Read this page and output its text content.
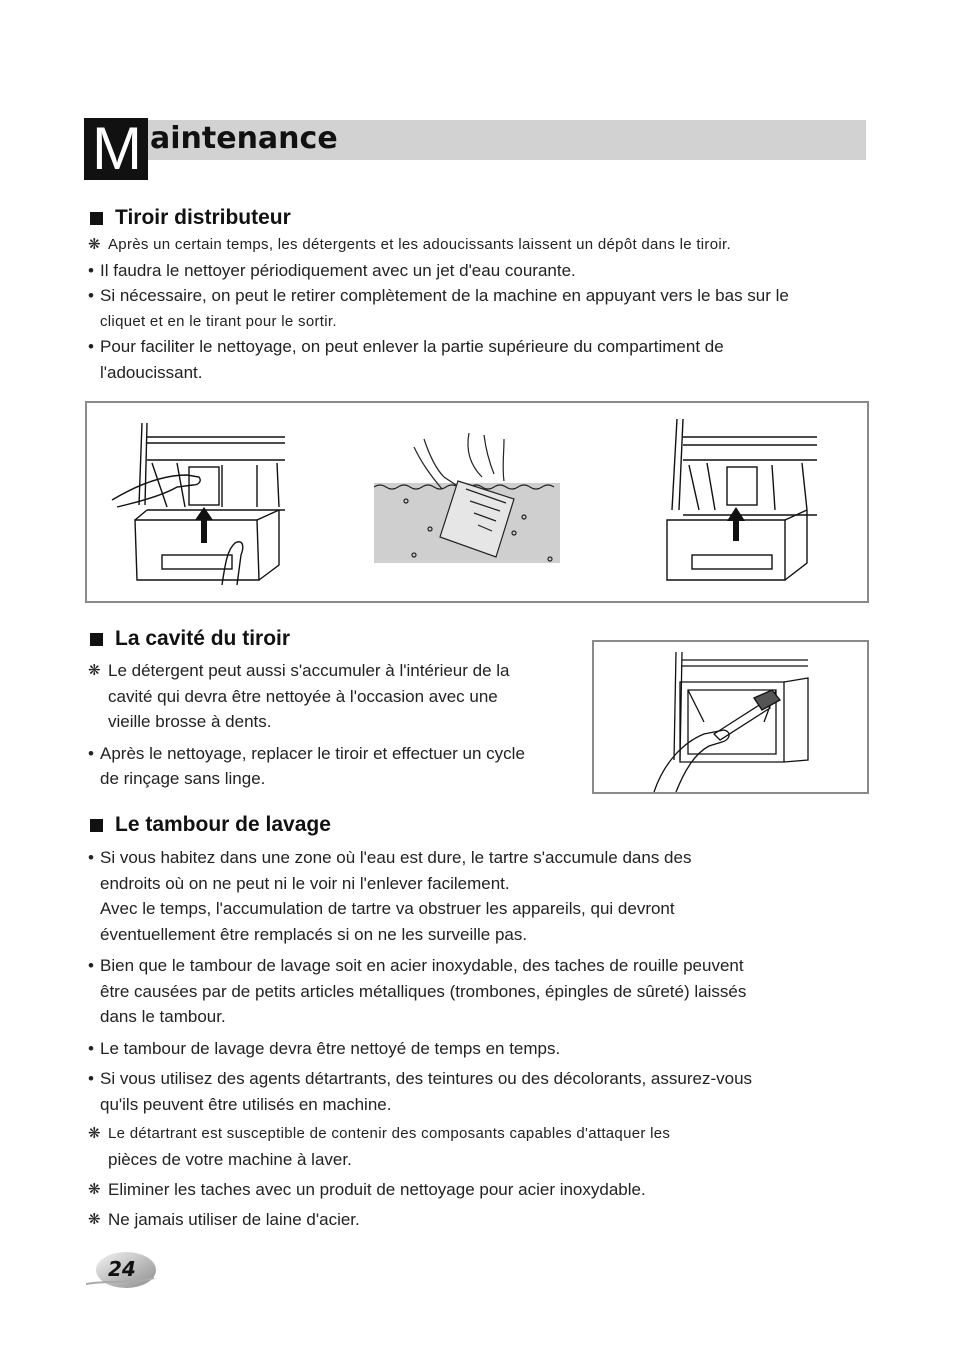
M aintenance
Tiroir distributeur
❋ Après un certain temps, les détergents et les adoucissants laissent un dépôt dans le tiroir.
• Il faudra le nettoyer périodiquement avec un jet d'eau courante.
• Si nécessaire, on peut le retirer complètement de la machine en appuyant vers le bas sur le
cliquet et en le tirant pour le sortir.
• Pour faciliter le nettoyage, on peut enlever la partie supérieure du compartiment de
l'adoucissant.
La cavité du tiroir
❋ Le détergent peut aussi s'accumuler à l'intérieur de la
cavité qui devra être nettoyée à l'occasion avec une
vieille brosse à dents.
• Après le nettoyage, replacer le tiroir et effectuer un cycle
de rinçage sans linge.
Le tambour de lavage
• Si vous habitez dans une zone où l'eau est dure, le tartre s'accumule dans des
endroits où on ne peut ni le voir ni l'enlever facilement.
Avec le temps, l'accumulation de tartre va obstruer les appareils, qui devront
éventuellement être remplacés si on ne les surveille pas.
• Bien que le tambour de lavage soit en acier inoxydable, des taches de rouille peuvent
être causées par de petits articles métalliques (trombones, épingles de sûreté) laissés
dans le tambour.
• Le tambour de lavage devra être nettoyé de temps en temps.
• Si vous utilisez des agents détartrants, des teintures ou des décolorants, assurez-vous
qu'ils peuvent être utilisés en machine.
❋ Le détartrant est susceptible de contenir des composants capables d'attaquer les
pièces de votre machine à laver.
❋ Eliminer les taches avec un produit de nettoyage pour acier inoxydable.
❋ Ne jamais utiliser de laine d'acier.
24
